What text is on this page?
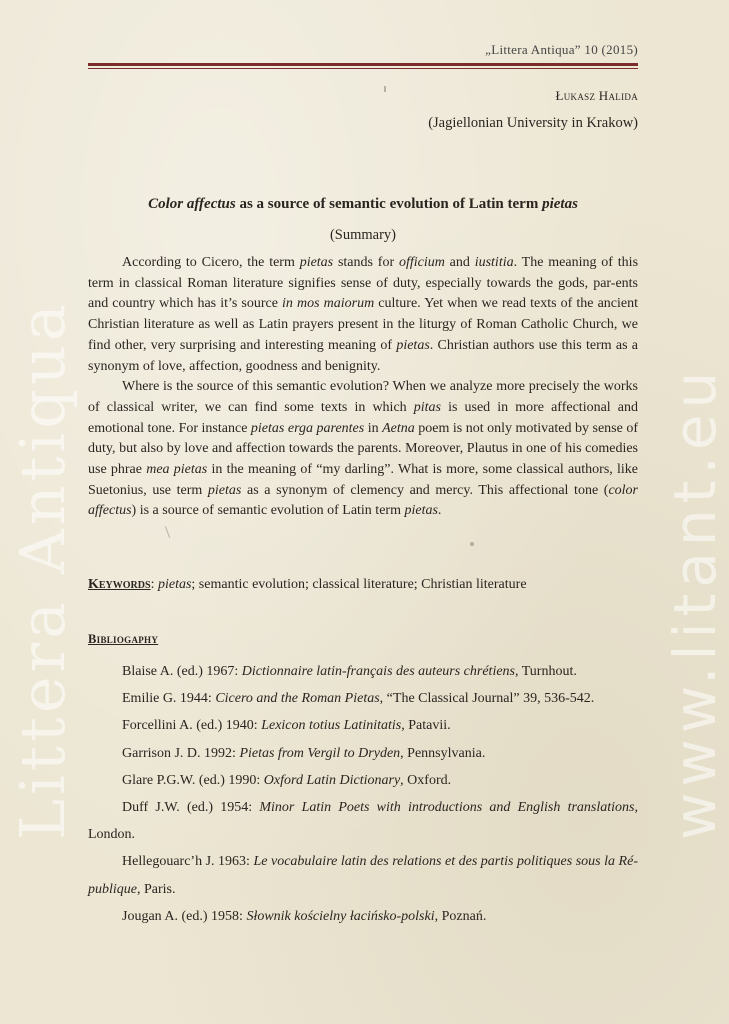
Littera Antiqua	www.litant.eu
„Littera Antiqua” 10 (2015)
Łukasz Halida
(Jagiellonian University in Krakow)
Color affectus as a source of semantic evolution of Latin term pietas
(Summary)

According to Cicero, the term pietas stands for officium and iustitia. The meaning of this term in classical Roman literature signifies sense of duty, especially towards the gods, par-ents and country which has it’s source in mos maiorum culture. Yet when we read texts of the ancient Christian literature as well as Latin prayers present in the liturgy of Roman Catholic Church, we find other, very surprising and interesting meaning of pietas. Christian authors use this term as a synonym of love, affection, goodness and benignity.

Where is the source of this semantic evolution? When we analyze more precisely the works of classical writer, we can find some texts in which pitas is used in more affectional and emotional tone. For instance pietas erga parentes in Aetna poem is not only motivated by sense of duty, but also by love and affection towards the parents. Moreover, Plautus in one of his comedies use phrae mea pietas in the meaning of “my darling”. What is more, some classical authors, like Suetonius, use term pietas as a synonym of clemency and mercy. This affectional tone (color affectus) is a source of semantic evolution of Latin term pietas.

Keywords: pietas; semantic evolution; classical literature; Christian literature
Bibliogaphy
Blaise A. (ed.) 1967: Dictionnaire latin-français des auteurs chrétiens, Turnhout.
Emilie G. 1944: Cicero and the Roman Pietas, “The Classical Journal” 39, 536-542.
Forcellini A. (ed.) 1940: Lexicon totius Latinitatis, Patavii.
Garrison J. D. 1992: Pietas from Vergil to Dryden, Pennsylvania.
Glare P.G.W. (ed.) 1990: Oxford Latin Dictionary, Oxford.
Duff J.W. (ed.) 1954: Minor Latin Poets with introductions and English translations, London.
Hellegouarc’h J. 1963: Le vocabulaire latin des relations et des partis politiques sous la Ré-publique, Paris.
Jougan A. (ed.) 1958: Słownik kościelny łacińsko-polski, Poznań.
